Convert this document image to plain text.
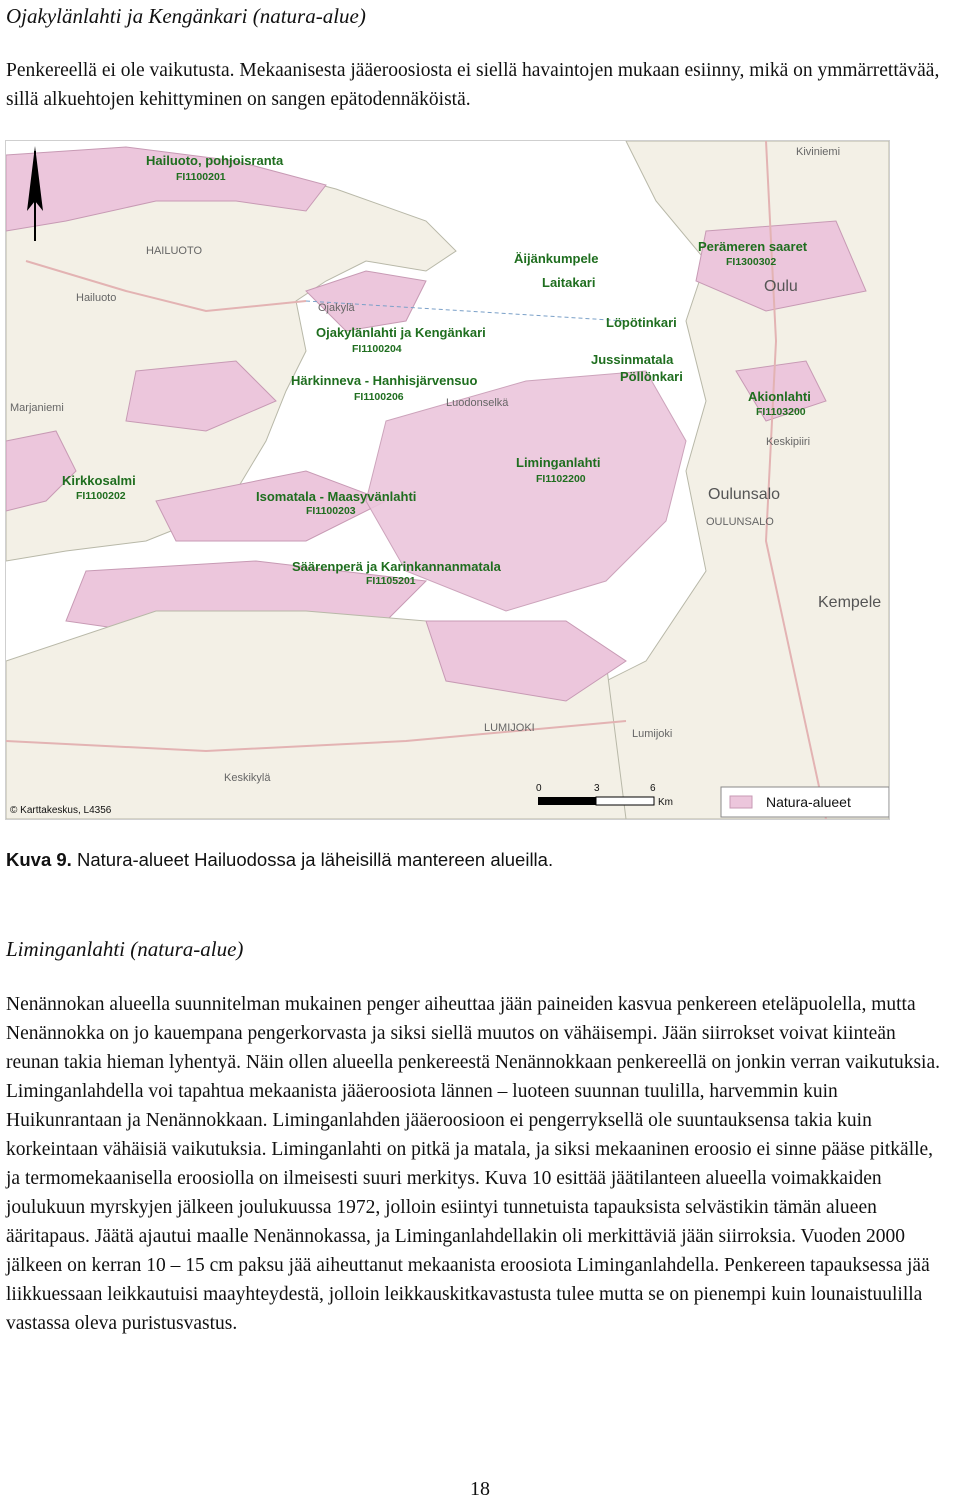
Ojakylänlahti ja Kengänkari (natura-alue)

Penkereellä ei ole vaikutusta. Mekaanisesta jääeroosiosta ei siellä havaintojen mukaan esiinny, mikä on ymmärrettävää, sillä alkuehtojen kehittyminen on sangen epätodennäköistä.

Hailuoto, pohjoisranta
FI1100201
Perämeren saaret
FI1300302
Äijänkumpele
Laitakari
Ojakylänlahti ja Kengänkari
FI1100204
Löpötinkari
Jussinmatala
Härkinneva - Hanhisjärvensuo
FI1100206
Pöllönkari
Akionlahti
FI1103200
Liminganlahti
FI1102200
Kirkkosalmi
FI1100202	Isomatala - Maasyvänlahti
FI1100203
Säärenperä ja Karinkannanmatala
FI1105201
Hailuoto
HAILUOTO
Oulu
Oulunsalo
OULUNSALO
Kempele
Lumijoki
LUMIJOKI
Keskikylä
Luodonselkä
Ojakylä
Marjaniemi
Keskipiiri
Kiviniemi
0	3	6
Km	Natura-alueet
© Karttakeskus, L4356
Kuva 9. Natura-alueet Hailuodossa ja läheisillä mantereen alueilla.
Liminganlahti (natura-alue)

Nenännokan alueella suunnitelman mukainen penger aiheuttaa jään paineiden kasvua penkereen eteläpuolella, mutta Nenännokka on jo kauempana pengerkorvasta ja siksi siellä muutos on vähäisempi. Jään siirrokset voivat kiinteän reunan takia hieman lyhentyä. Näin ollen alueella penkereestä Nenännokkaan penkereellä on jonkin verran vaikutuksia. Liminganlahdella voi tapahtua mekaanista jääeroosiota lännen – luoteen suunnan tuulilla, harvemmin kuin Huikunrantaan ja Nenännokkaan. Liminganlahden jääeroosioon ei pengerryksellä ole suuntauksensa takia kuin korkeintaan vähäisiä vaikutuksia. Liminganlahti on pitkä ja matala, ja siksi mekaaninen eroosio ei sinne pääse pitkälle, ja termomekaanisella eroosiolla on ilmeisesti suuri merkitys. Kuva 10 esittää jäätilanteen alueella voimakkaiden joulukuun myrskyjen jälkeen joulukuussa 1972, jolloin esiintyi tunnetuista tapauksista selvästikin tämän alueen ääritapaus. Jäätä ajautui maalle Nenännokassa, ja Liminganlahdellakin oli merkittäviä jään siirroksia. Vuoden 2000 jälkeen on kerran 10 – 15 cm paksu jää aiheuttanut mekaanista eroosiota Liminganlahdella. Penkereen tapauksessa jää liikkuessaan leikkautuisi maayhteydestä, jolloin leikkauskitkavastusta tulee mutta se on pienempi kuin lounaistuulilla vastassa oleva puristusvastus.

18
